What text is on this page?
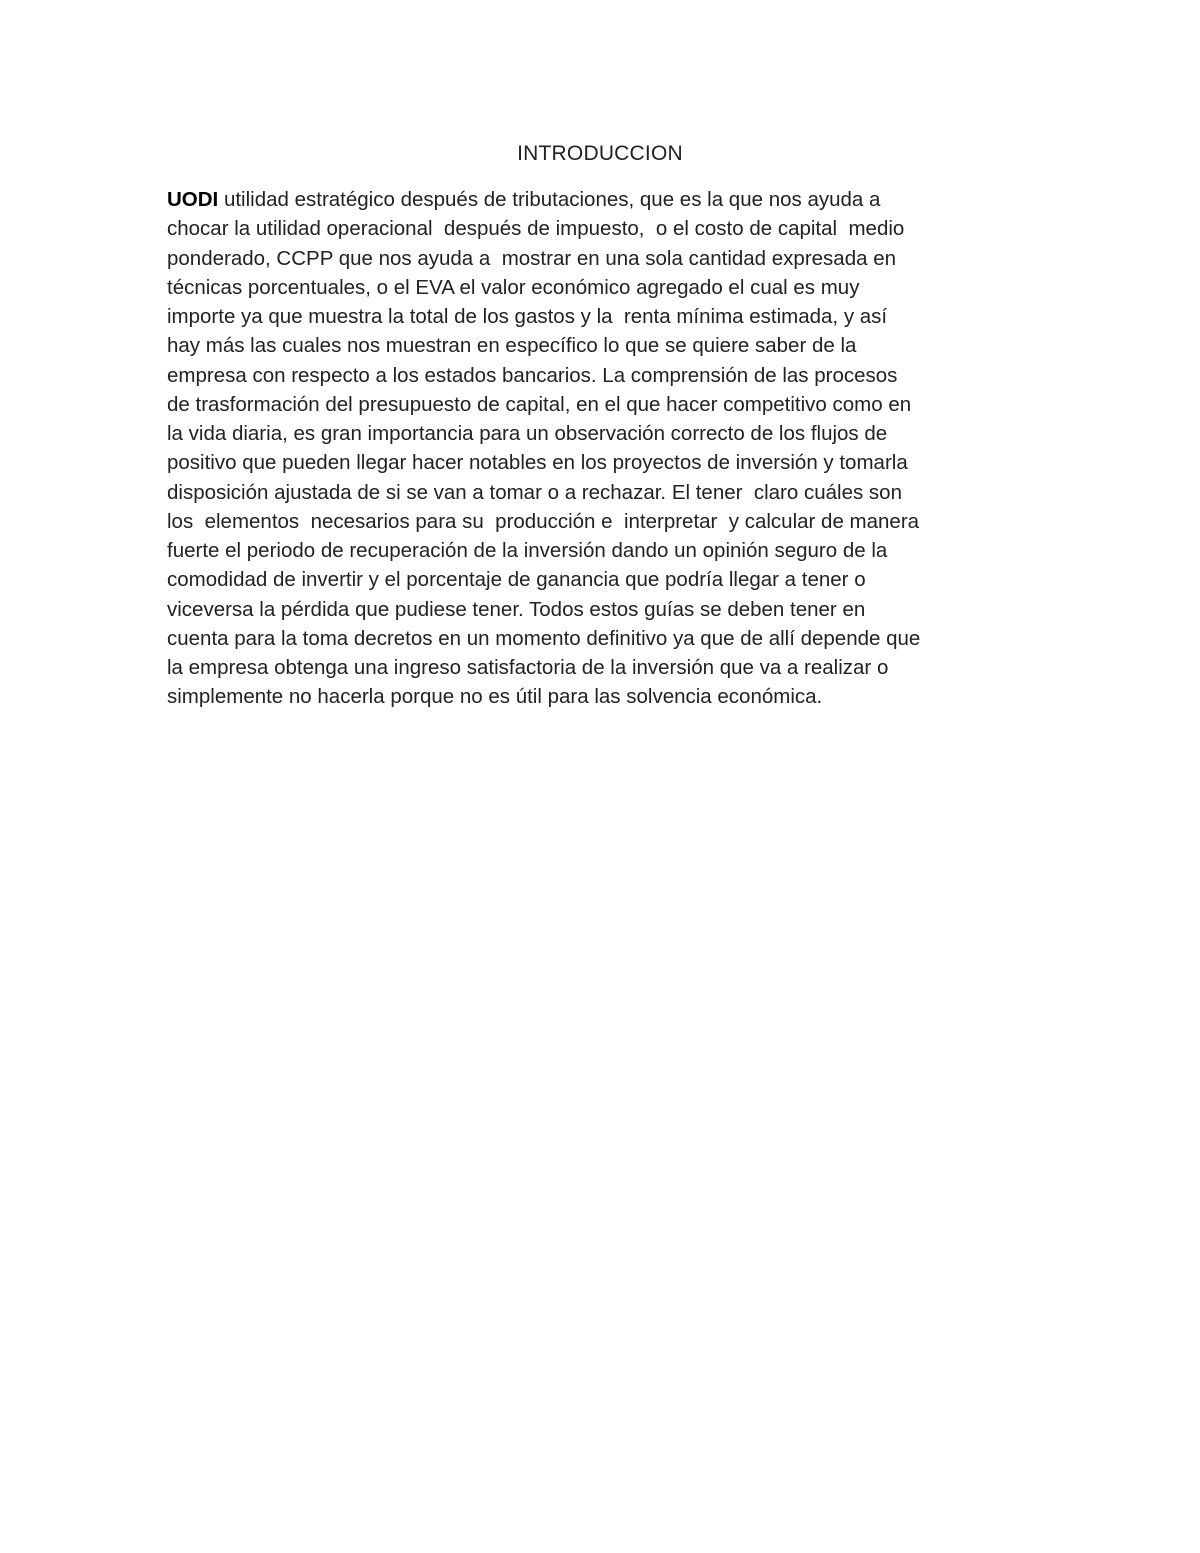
INTRODUCCION

UODI utilidad estratégico después de tributaciones, que es la que nos ayuda a
chocar la utilidad operacional  después de impuesto,  o el costo de capital  medio
ponderado, CCPP que nos ayuda a  mostrar en una sola cantidad expresada en
técnicas porcentuales, o el EVA el valor económico agregado el cual es muy
importe ya que muestra la total de los gastos y la  renta mínima estimada, y así
hay más las cuales nos muestran en específico lo que se quiere saber de la
empresa con respecto a los estados bancarios. La comprensión de las procesos
de trasformación del presupuesto de capital, en el que hacer competitivo como en
la vida diaria, es gran importancia para un observación correcto de los flujos de
positivo que pueden llegar hacer notables en los proyectos de inversión y tomarla
disposición ajustada de si se van a tomar o a rechazar. El tener  claro cuáles son
los  elementos  necesarios para su  producción e  interpretar  y calcular de manera
fuerte el periodo de recuperación de la inversión dando un opinión seguro de la
comodidad de invertir y el porcentaje de ganancia que podría llegar a tener o
viceversa la pérdida que pudiese tener. Todos estos guías se deben tener en
cuenta para la toma decretos en un momento definitivo ya que de allí depende que
la empresa obtenga una ingreso satisfactoria de la inversión que va a realizar o
simplemente no hacerla porque no es útil para las solvencia económica.
